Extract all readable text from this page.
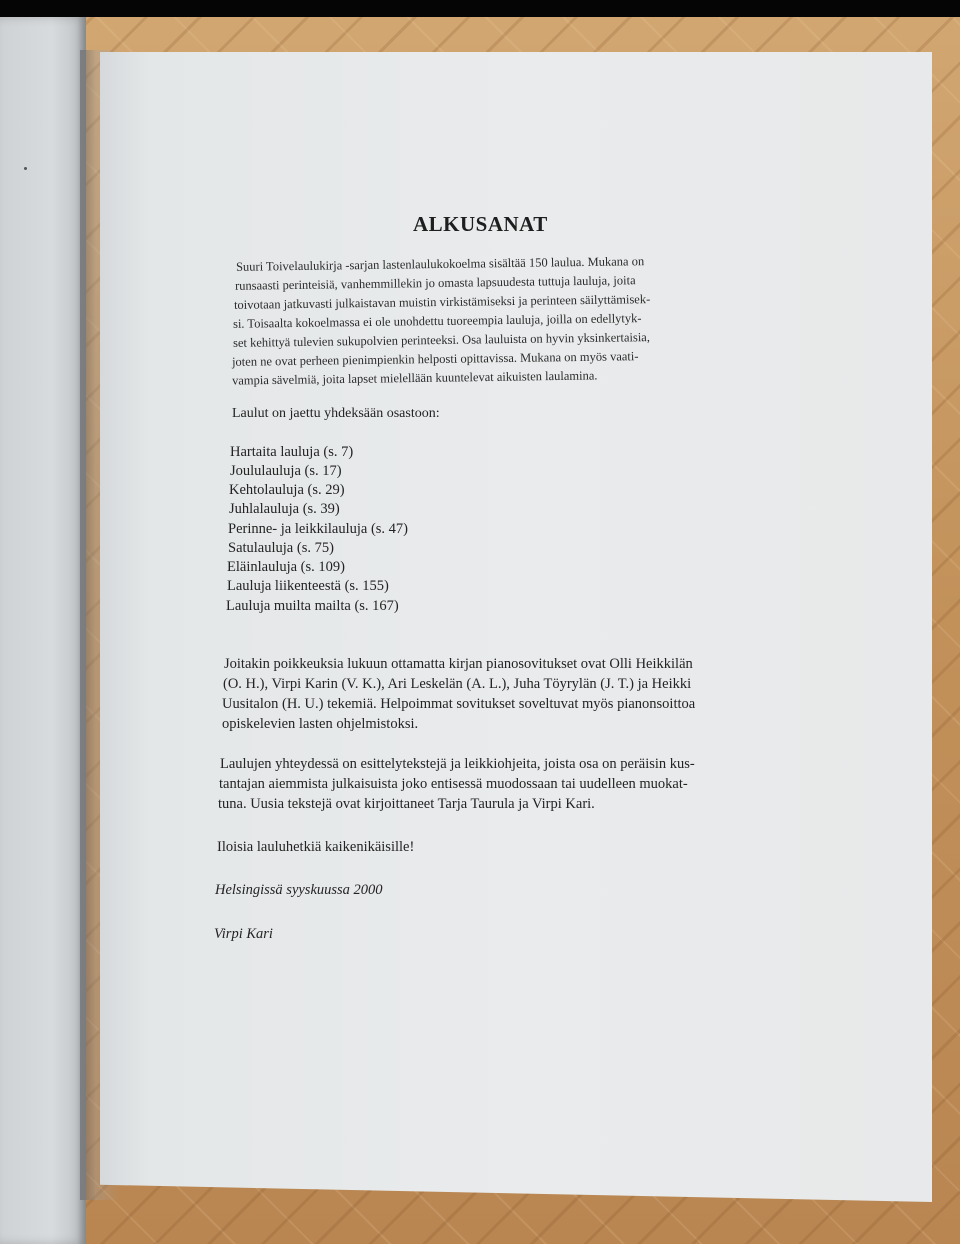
ALKUSANAT
Suuri Toivelaulukirja -sarjan lastenlaulukokoelma sisältää 150 laulua. Mukana on
runsaasti perinteisiä, vanhemmillekin jo omasta lapsuudesta tuttuja lauluja, joita
toivotaan jatkuvasti julkaistavan muistin virkistämiseksi ja perinteen säilyttämisek-
si. Toisaalta kokoelmassa ei ole unohdettu tuoreempia lauluja, joilla on edellytyk-
set kehittyä tulevien sukupolvien perinteeksi. Osa lauluista on hyvin yksinkertaisia,
joten ne ovat perheen pienimpienkin helposti opittavissa. Mukana on myös vaati-
vampia sävelmiä, joita lapset mielellään kuuntelevat aikuisten laulamina.
Laulut on jaettu yhdeksään osastoon:
Hartaita lauluja (s. 7)
Joululauluja (s. 17)
Kehtolauluja (s. 29)
Juhlalauluja (s. 39)
Perinne- ja leikkilauluja (s. 47)
Satulauluja (s. 75)
Eläinlauluja (s. 109)
Lauluja liikenteestä (s. 155)
Lauluja muilta mailta (s. 167)
Joitakin poikkeuksia lukuun ottamatta kirjan pianosovitukset ovat Olli Heikkilän
(O. H.), Virpi Karin (V. K.), Ari Leskelän (A. L.), Juha Töyrylän (J. T.) ja Heikki
Uusitalon (H. U.) tekemiä. Helpoimmat sovitukset soveltuvat myös pianonsoittoa
opiskelevien lasten ohjelmistoksi.
Laulujen yhteydessä on esittelytekstejä ja leikkiohjeita, joista osa on peräisin kus-
tantajan aiemmista julkaisuista joko entisessä muodossaan tai uudelleen muokat-
tuna. Uusia tekstejä ovat kirjoittaneet Tarja Taurula ja Virpi Kari.
Iloisia lauluhetkiä kaikenikäisille!
Helsingissä syyskuussa 2000
Virpi Kari
